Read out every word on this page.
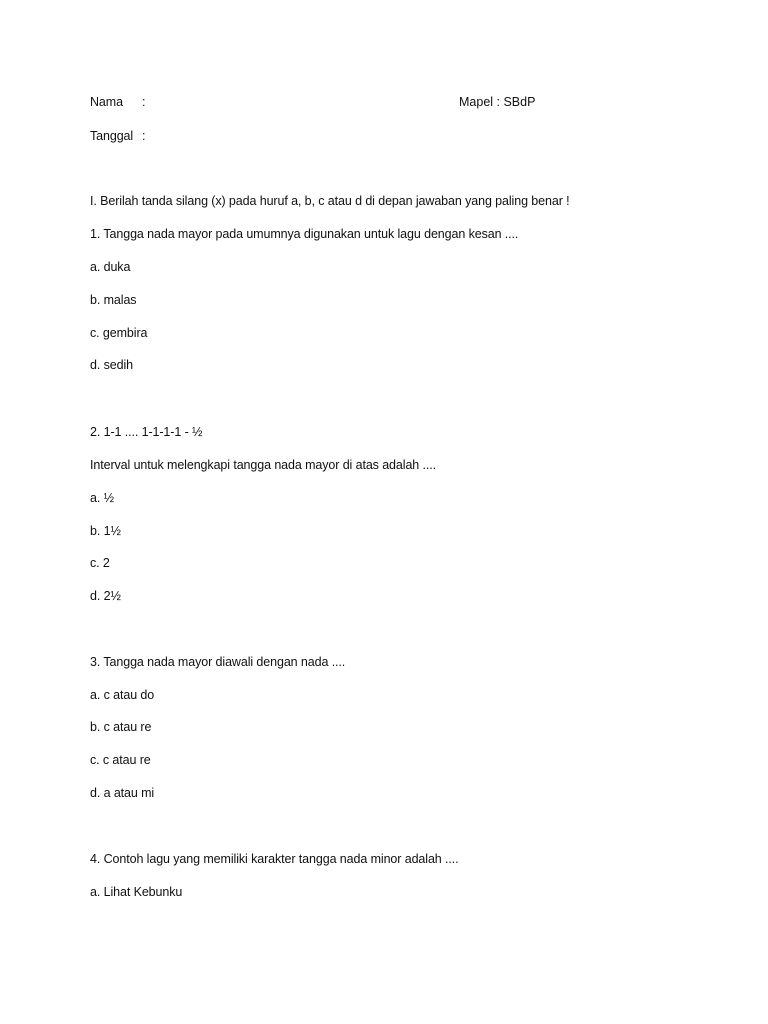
Nama :	Mapel : SBdP
Tanggal :
I. Berilah tanda silang (x) pada huruf a, b, c atau d di depan jawaban yang paling benar !
1. Tangga nada mayor pada umumnya digunakan untuk lagu dengan kesan ....
a. duka
b. malas
c. gembira
d. sedih
2. 1-1 .... 1-1-1-1 - ½
Interval untuk melengkapi tangga nada mayor di atas adalah ....
a. ½
b. 1½
c. 2
d. 2½
3. Tangga nada mayor diawali dengan nada ....
a. c atau do
b. c atau re
c. c atau re
d. a atau mi
4. Contoh lagu yang memiliki karakter tangga nada minor adalah ....
a. Lihat Kebunku
